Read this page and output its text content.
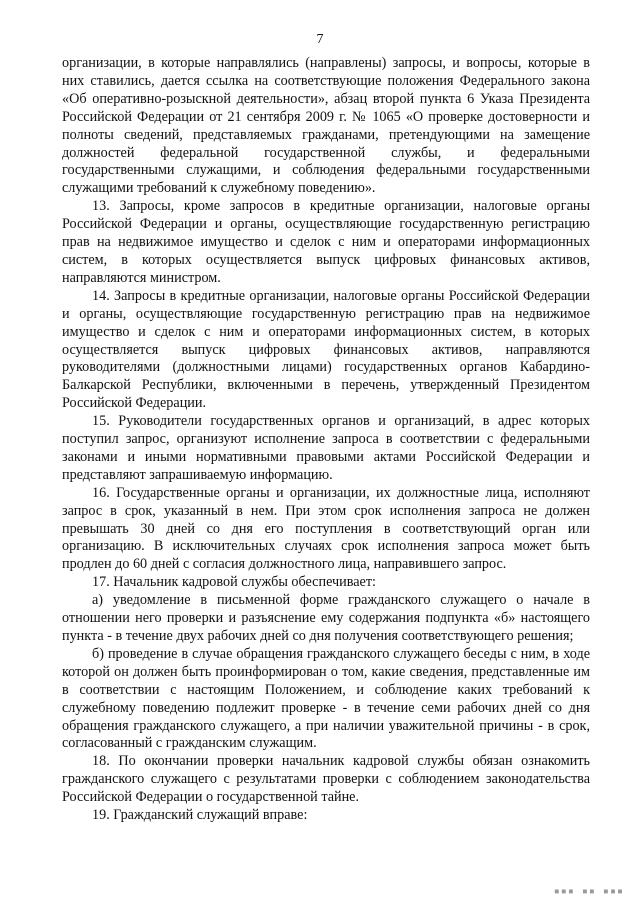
7

организации, в которые направлялись (направлены) запросы, и вопросы, которые в них ставились, дается ссылка на соответствующие положения Федерального закона «Об оперативно-розыскной деятельности», абзац второй пункта 6 Указа Президента Российской Федерации от 21 сентября 2009 г. № 1065 «О проверке достоверности и полноты сведений, представляемых гражданами, претендующими на замещение должностей федеральной государственной службы, и федеральными государственными служащими, и соблюдения федеральными государственными служащими требований к служебному поведению».

13. Запросы, кроме запросов в кредитные организации, налоговые органы Российской Федерации и органы, осуществляющие государственную регистрацию прав на недвижимое имущество и сделок с ним и операторами информационных систем, в которых осуществляется выпуск цифровых финансовых активов, направляются министром.

14. Запросы в кредитные организации, налоговые органы Российской Федерации и органы, осуществляющие государственную регистрацию прав на недвижимое имущество и сделок с ним и операторами информационных систем, в которых осуществляется выпуск цифровых финансовых активов, направляются руководителями (должностными лицами) государственных органов Кабардино-Балкарской Республики, включенными в перечень, утвержденный Президентом Российской Федерации.

15. Руководители государственных органов и организаций, в адрес которых поступил запрос, организуют исполнение запроса в соответствии с федеральными законами и иными нормативными правовыми актами Российской Федерации и представляют запрашиваемую информацию.

16. Государственные органы и организации, их должностные лица, исполняют запрос в срок, указанный в нем. При этом срок исполнения запроса не должен превышать 30 дней со дня его поступления в соответствующий орган или организацию. В исключительных случаях срок исполнения запроса может быть продлен до 60 дней с согласия должностного лица, направившего запрос.

17. Начальник кадровой службы обеспечивает:

а) уведомление в письменной форме гражданского служащего о начале в отношении него проверки и разъяснение ему содержания подпункта «б» настоящего пункта - в течение двух рабочих дней со дня получения соответствующего решения;

б) проведение в случае обращения гражданского служащего беседы с ним, в ходе которой он должен быть проинформирован о том, какие сведения, представленные им в соответствии с настоящим Положением, и соблюдение каких требований к служебному поведению подлежит проверке - в течение семи рабочих дней со дня обращения гражданского служащего, а при наличии уважительной причины - в срок, согласованный с гражданским служащим.

18. По окончании проверки начальник кадровой службы обязан ознакомить гражданского служащего с результатами проверки с соблюдением законодательства Российской Федерации о государственной тайне.

19. Гражданский служащий вправе:

▪▪▪ ▪▪ ▪▪▪
